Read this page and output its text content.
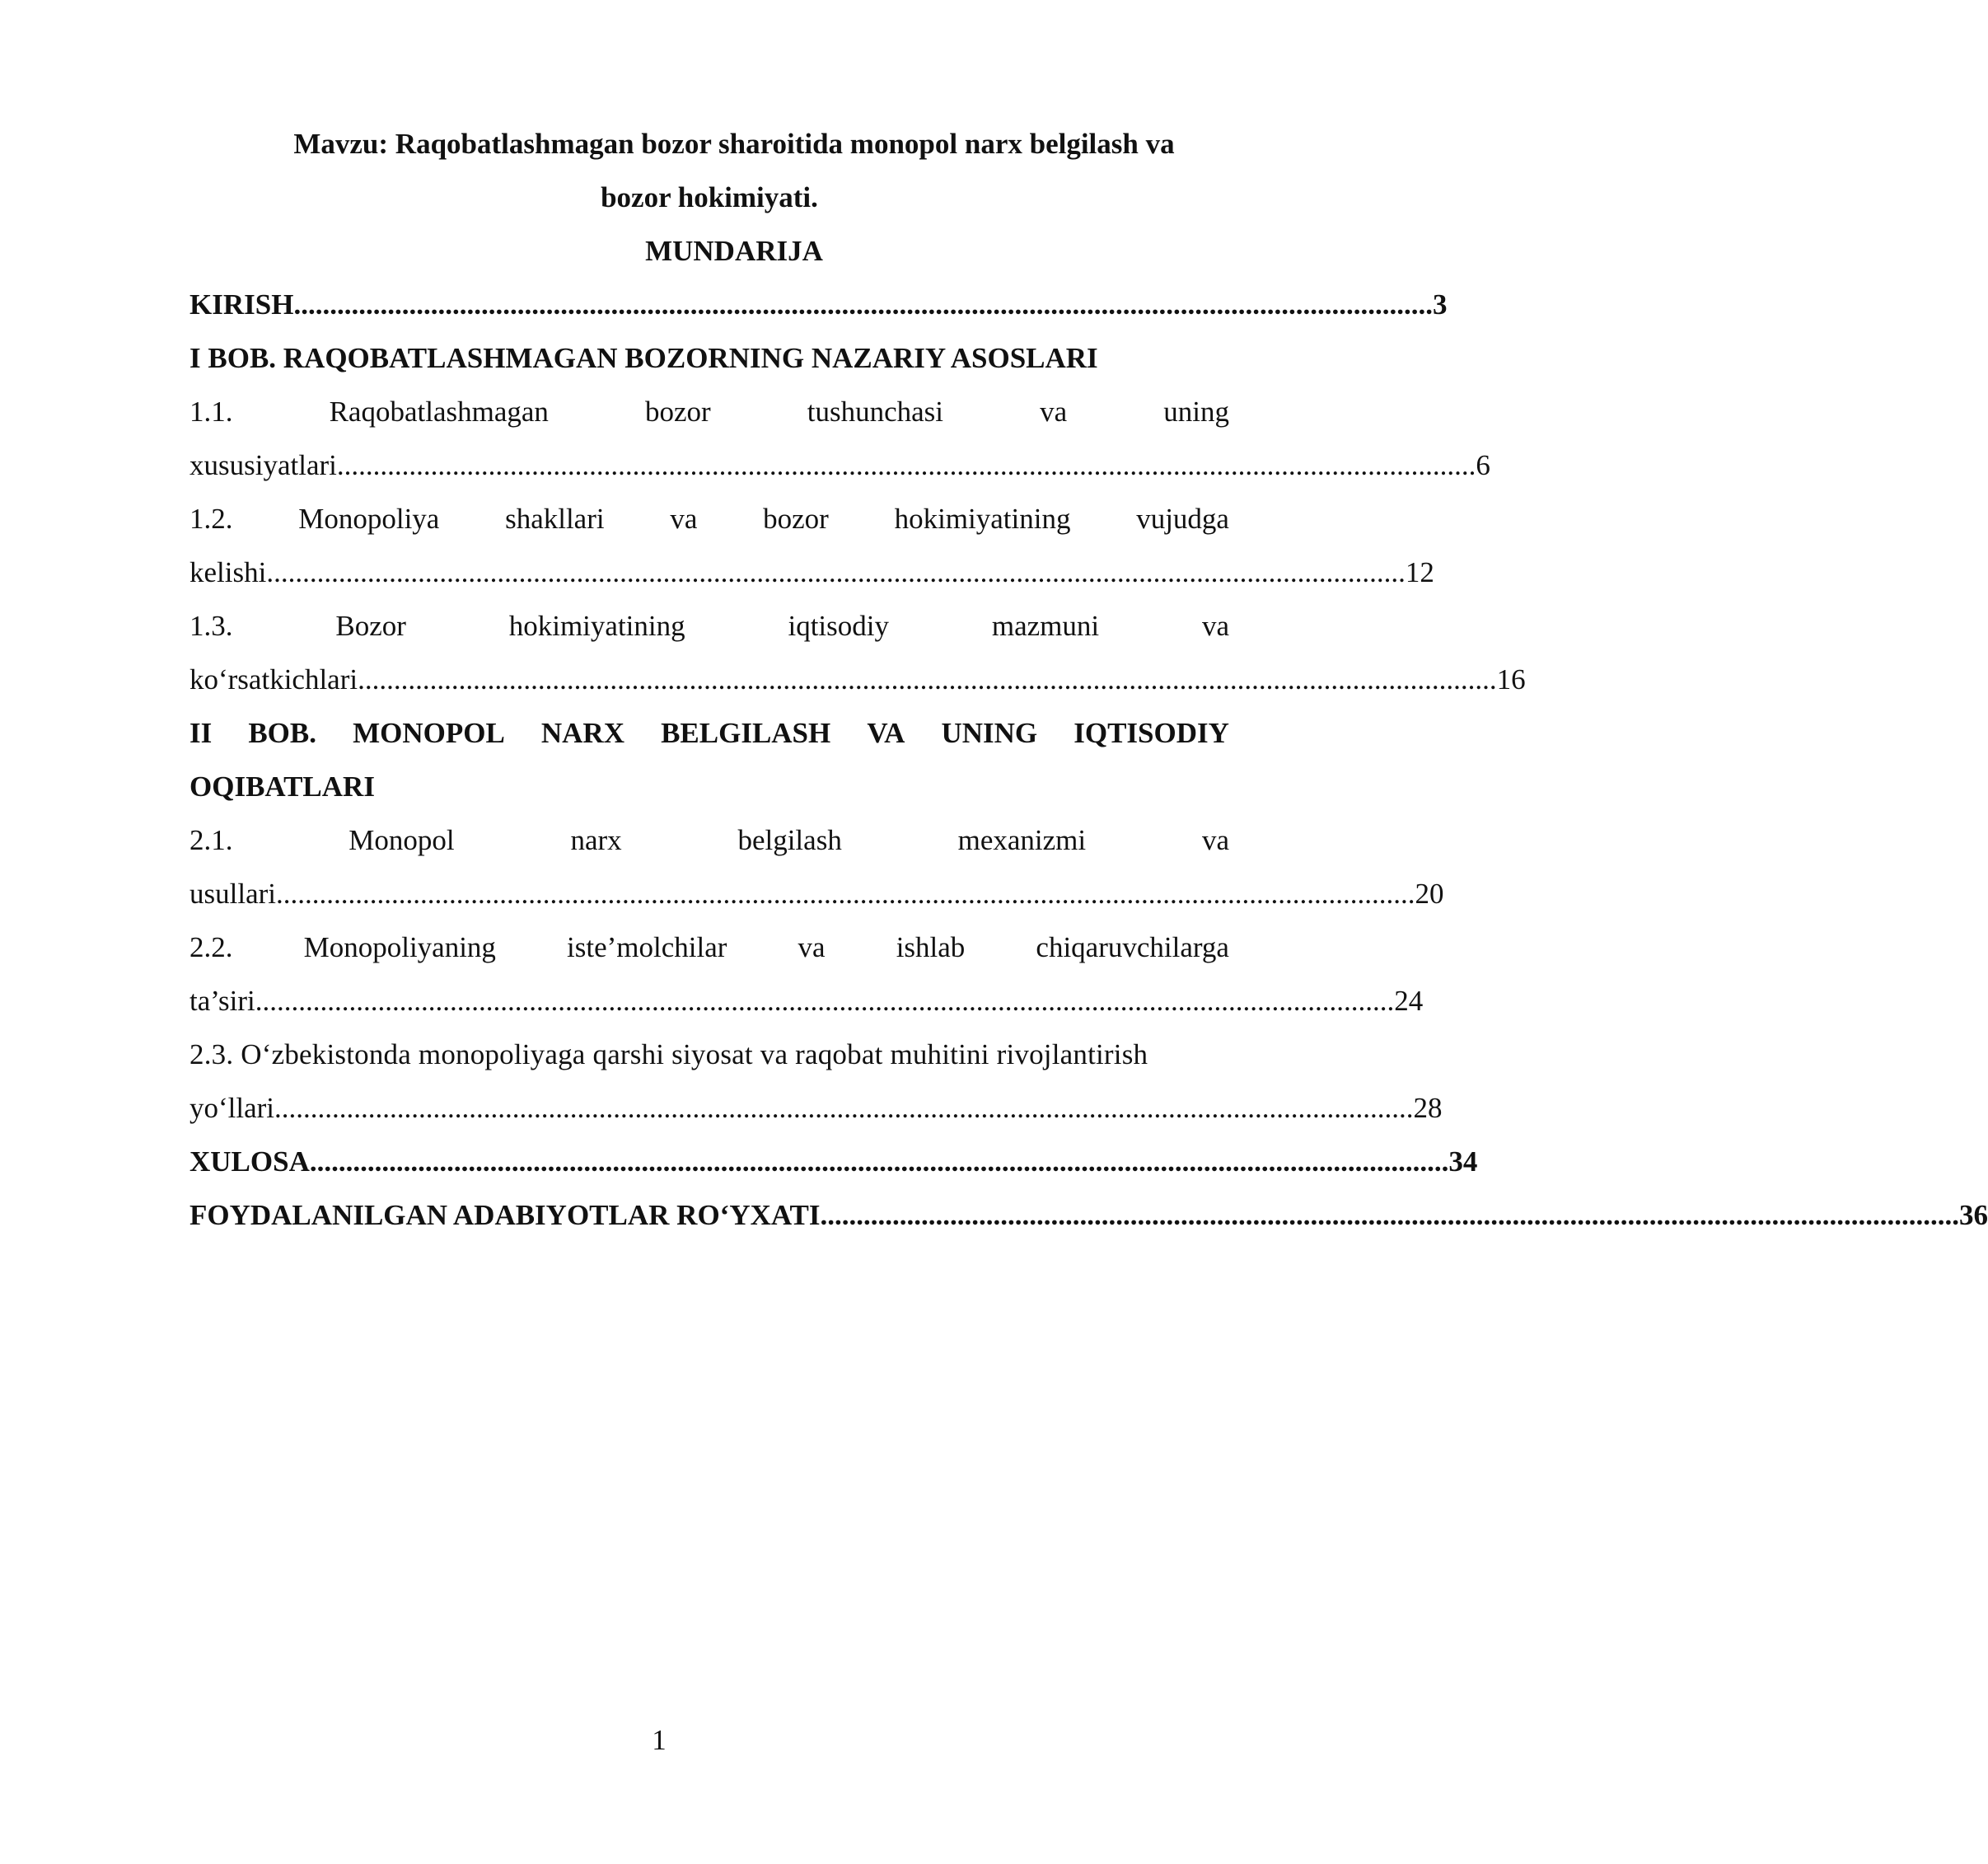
Mavzu: Raqobatlashmagan bozor sharoitida monopol narx belgilash va
bozor hokimiyati.
MUNDARIJA
KIRISH .............................................................................................................................................................. 3
I BOB. RAQOBATLASHMAGAN BOZORNING NAZARIY ASOSLARI
1.1.	Raqobatlashmagan	bozor	tushunchasi	va	uning
xususiyatlari .............................................................................................................................................................. 6
1.2. Monopoliya shakllari va bozor hokimiyatining vujudga
kelishi .............................................................................................................................................................. 12
1.3.	Bozor	hokimiyatining	iqtisodiy	mazmuni	va
ko‘rsatkichlari .............................................................................................................................................................. 16
II BOB. MONOPOL NARX BELGILASH VA UNING IQTISODIY
OQIBATLARI
2.1.	Monopol	narx	belgilash	mexanizmi	va
usullari .............................................................................................................................................................. 20
2.2. Monopoliyaning iste’molchilar va ishlab chiqaruvchilarga
ta’siri .............................................................................................................................................................. 24
2.3. O‘zbekistonda monopoliyaga qarshi siyosat va raqobat muhitini rivojlantirish
yo‘llari .............................................................................................................................................................. 28
XULOSA .............................................................................................................................................................. 34
FOYDALANILGAN ADABIYOTLAR RO‘YXATI .............................................................................................................................................................. 36
1
